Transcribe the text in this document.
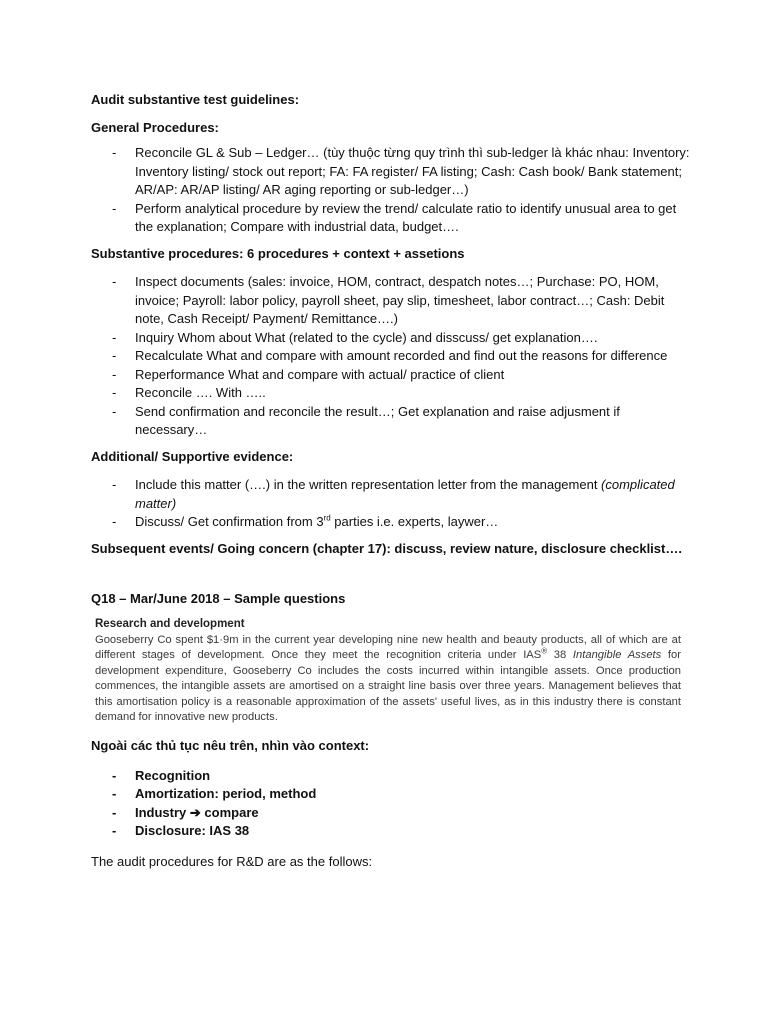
Audit substantive test guidelines:

General Procedures:

- Reconcile GL & Sub – Ledger… (tùy thuộc từng quy trình thì sub-ledger là khác nhau: Inventory: Inventory listing/ stock out report; FA: FA register/ FA listing; Cash: Cash book/ Bank statement; AR/AP: AR/AP listing/ AR aging reporting or sub-ledger…)
- Perform analytical procedure by review the trend/ calculate ratio to identify unusual area to get the explanation; Compare with industrial data, budget….

Substantive procedures: 6 procedures + context + assetions

- Inspect documents (sales: invoice, HOM, contract, despatch notes…; Purchase: PO, HOM, invoice; Payroll: labor policy, payroll sheet, pay slip, timesheet, labor contract…; Cash: Debit note, Cash Receipt/ Payment/ Remittance….)
- Inquiry Whom about What (related to the cycle) and disscuss/ get explanation….
- Recalculate What and compare with amount recorded and find out the reasons for difference
- Reperformance What and compare with actual/ practice of client
- Reconcile …. With …..
- Send confirmation and reconcile the result…; Get explanation and raise adjusment if necessary…

Additional/ Supportive evidence:

- Include this matter (….) in the written representation letter from the management (complicated matter)
- Discuss/ Get confirmation from 3rd parties i.e. experts, laywer…

Subsequent events/ Going concern (chapter 17): discuss, review nature, disclosure checklist….

Q18 – Mar/June 2018 – Sample questions

Research and development
Gooseberry Co spent $1·9m in the current year developing nine new health and beauty products, all of which are at different stages of development. Once they meet the recognition criteria under IAS® 38 Intangible Assets for development expenditure, Gooseberry Co includes the costs incurred within intangible assets. Once production commences, the intangible assets are amortised on a straight line basis over three years. Management believes that this amortisation policy is a reasonable approximation of the assets' useful lives, as in this industry there is constant demand for innovative new products.

Ngoài các thủ tục nêu trên, nhìn vào context:

- Recognition
- Amortization: period, method
- Industry ➔ compare
- Disclosure: IAS 38

The audit procedures for R&D are as the follows:
